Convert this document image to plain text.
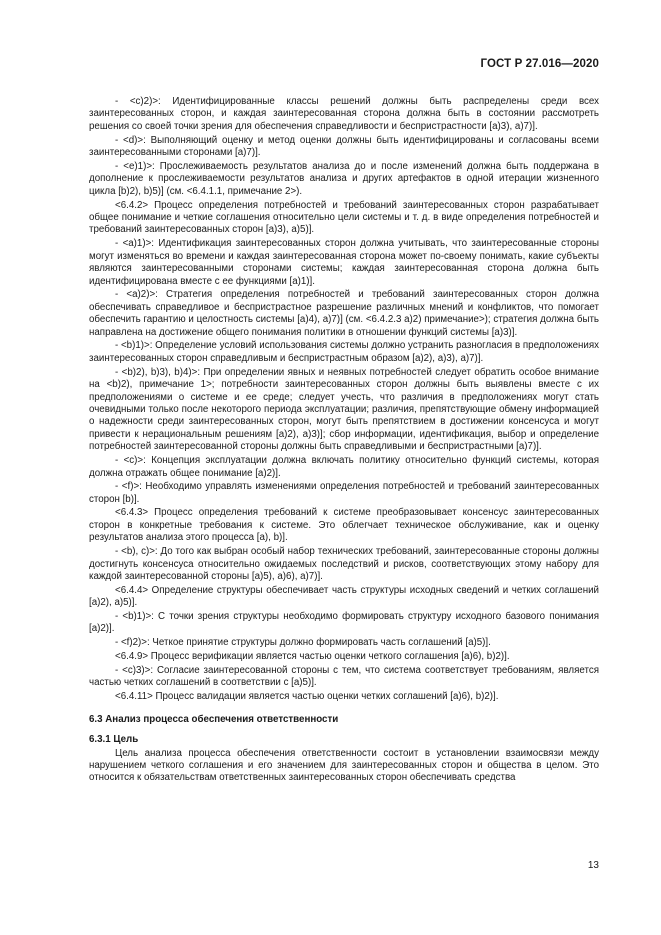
ГОСТ Р 27.016—2020

- <c)2)>: Идентифицированные классы решений должны быть распределены среди всех заинтересованных сторон, и каждая заинтересованная сторона должна быть в состоянии рассмотреть решения со своей точки зрения для обеспечения справедливости и беспристрастности [a)3), a)7)].

- <d)>: Выполняющий оценку и метод оценки должны быть идентифицированы и согласованы всеми заинтересованными сторонами [a)7)].

- <e)1)>: Прослеживаемость результатов анализа до и после изменений должна быть поддержана в дополнение к прослеживаемости результатов анализа и других артефактов в одной итерации жизненного цикла [b)2), b)5)] (см. <6.4.1.1, примечание 2>).

<6.4.2> Процесс определения потребностей и требований заинтересованных сторон разрабатывает общее понимание и четкие соглашения относительно цели системы и т. д. в виде определения потребностей и требований заинтересованных сторон [a)3), a)5)].

- <a)1)>: Идентификация заинтересованных сторон должна учитывать, что заинтересованные стороны могут изменяться во времени и каждая заинтересованная сторона может по-своему понимать, какие субъекты являются заинтересованными сторонами системы; каждая заинтересованная сторона должна быть идентифицирована вместе с ее функциями [a)1)].

- <a)2)>: Стратегия определения потребностей и требований заинтересованных сторон должна обеспечивать справедливое и беспристрастное разрешение различных мнений и конфликтов, что помогает обеспечить гарантию и целостность системы [a)4), a)7)] (см. <6.4.2.3 a)2) примечание>); стратегия должна быть направлена на достижение общего понимания политики в отношении функций системы [a)3)].

- <b)1)>: Определение условий использования системы должно устранить разногласия в предположениях заинтересованных сторон справедливым и беспристрастным образом [a)2), a)3), a)7)].

- <b)2), b)3), b)4)>: При определении явных и неявных потребностей следует обратить особое внимание на <b)2), примечание 1>; потребности заинтересованных сторон должны быть выявлены вместе с их предположениями о системе и ее среде; следует учесть, что различия в предположениях могут стать очевидными только после некоторого периода эксплуатации; различия, препятствующие обмену информацией о надежности среди заинтересованных сторон, могут быть препятствием в достижении консенсуса и могут привести к нерациональным решениям [a)2), a)3)]; сбор информации, идентификация, выбор и определение потребностей заинтересованной стороны должны быть справедливыми и беспристрастными [a)7)].

- <c)>: Концепция эксплуатации должна включать политику относительно функций системы, которая должна отражать общее понимание [a)2)].

- <f)>: Необходимо управлять изменениями определения потребностей и требований заинтересованных сторон [b)].

<6.4.3> Процесс определения требований к системе преобразовывает консенсус заинтересованных сторон в конкретные требования к системе. Это облегчает техническое обслуживание, как и оценку результатов анализа этого процесса [a), b)].

- <b), c)>: До того как выбран особый набор технических требований, заинтересованные стороны должны достигнуть консенсуса относительно ожидаемых последствий и рисков, соответствующих этому набору для каждой заинтересованной стороны [a)5), a)6), a)7)].

<6.4.4> Определение структуры обеспечивает часть структуры исходных сведений и четких соглашений [a)2), a)5)].

- <b)1)>: С точки зрения структуры необходимо формировать структуру исходного базового понимания [a)2)].

- <f)2)>: Четкое принятие структуры должно формировать часть соглашений [a)5)].

<6.4.9> Процесс верификации является частью оценки четкого соглашения [a)6), b)2)].

- <c)3)>: Согласие заинтересованной стороны с тем, что система соответствует требованиям, является частью четких соглашений в соответствии с [a)5)].

<6.4.11> Процесс валидации является частью оценки четких соглашений [a)6), b)2)].

6.3 Анализ процесса обеспечения ответственности

6.3.1 Цель

Цель анализа процесса обеспечения ответственности состоит в установлении взаимосвязи между нарушением четкого соглашения и его значением для заинтересованных сторон и общества в целом. Это относится к обязательствам ответственных заинтересованных сторон обеспечивать средства

13
